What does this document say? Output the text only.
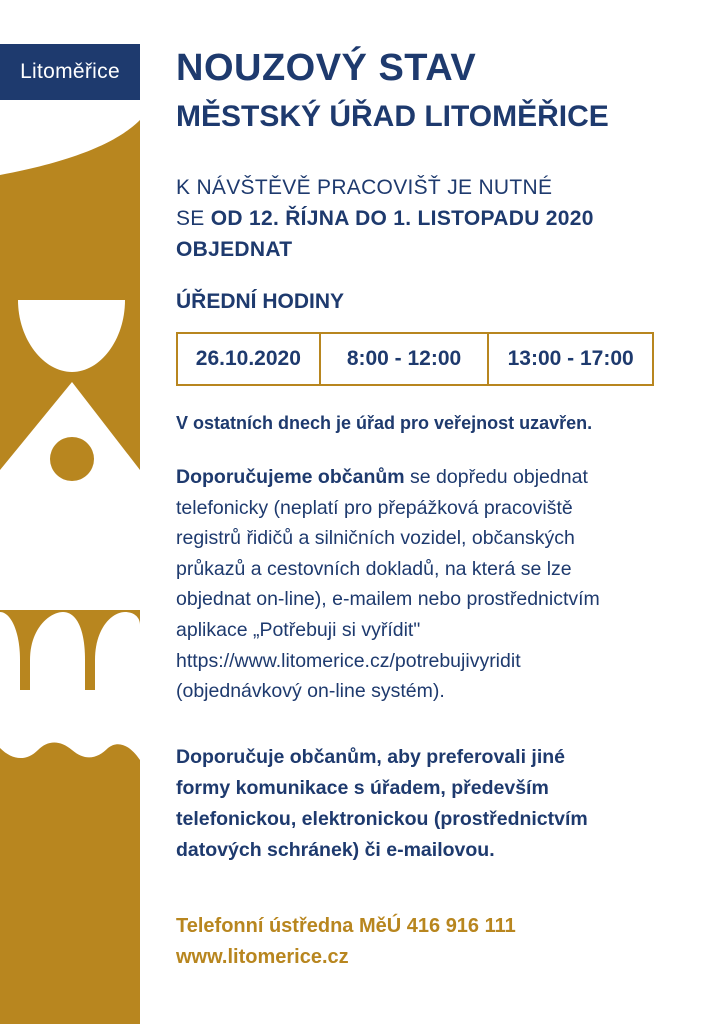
Litoměřice NOUZOVÝ STAV
MĚSTSKÝ ÚŘAD LITOMĚŘICE
K NÁVŠTĚVĚ PRACOVIŠŤ JE NUTNÉ
SE OD 12. ŘÍJNA DO 1. LISTOPADU 2020
OBJEDNAT
ÚŘEDNÍ HODINY
26.10.2020	8:00 - 12:00	13:00 - 17:00
V ostatních dnech je úřad pro veřejnost uzavřen.
Doporučujeme občanům se dopředu objednat
telefonicky (neplatí pro přepážková pracoviště
registrů řidičů a silničních vozidel, občanských
průkazů a cestovních dokladů, na která se lze
objednat on-line), e-mailem nebo prostřednictvím
aplikace „Potřebuji si vyřídit"
https://www.litomerice.cz/potrebujivyridit
(objednávkový on-line systém).
Doporučuje občanům, aby preferovali jiné
formy komunikace s úřadem, především
telefonickou, elektronickou (prostřednictvím
datových schránek) či e-mailovou.
Telefonní ústředna MěÚ 416 916 111
www.litomerice.cz
